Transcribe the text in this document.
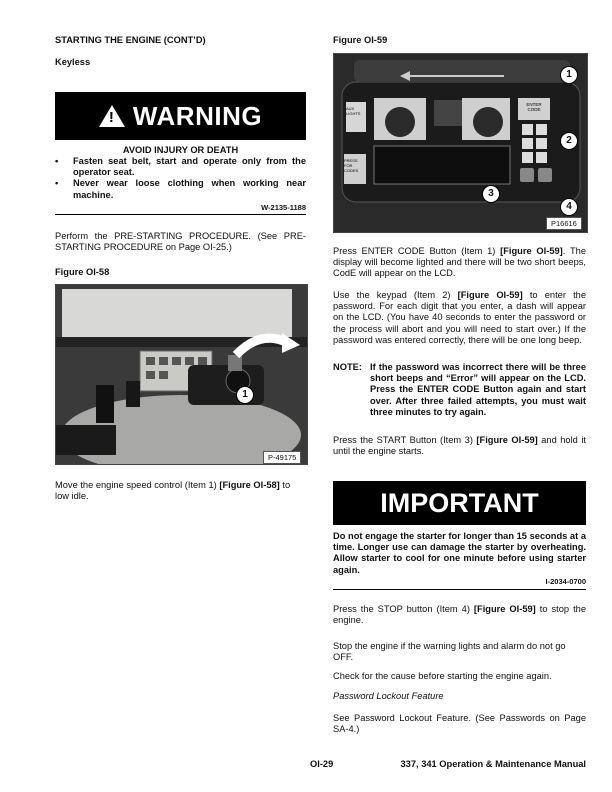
STARTING THE ENGINE (CONT’D)
Keyless
! WARNING
AVOID INJURY OR DEATH
• Fasten seat belt, start and operate only from the operator seat.
• Never wear loose clothing when working near machine.
W-2135-1188

Perform the PRE-STARTING PROCEDURE. (See PRE-STARTING PROCEDURE on Page OI-25.)

Figure OI-58
1
P-49175

Move the engine speed control (Item 1) [Figure OI-58] to low idle.

Figure OI-59
ENTER CODE
AUX LIGHTS
PRESS FOR CODES
1
2
3
4
P16616

Press ENTER CODE Button (Item 1) [Figure OI-59]. The display will become lighted and there will be two short beeps, CodE will appear on the LCD.

Use the keypad (Item 2) [Figure OI-59] to enter the password. For each digit that you enter, a dash will appear on the LCD. (You have 40 seconds to enter the password or the process will abort and you will need to start over.) If the password was entered correctly, there will be one long beep.

NOTE: If the password was incorrect there will be three short beeps and “Error” will appear on the LCD. Press the ENTER CODE Button again and start over. After three failed attempts, you must wait three minutes to try again.

Press the START Button (Item 3) [Figure OI-59] and hold it until the engine starts.

IMPORTANT

Do not engage the starter for longer than 15 seconds at a time. Longer use can damage the starter by overheating. Allow starter to cool for one minute before using starter again.

I-2034-0700

Press the STOP button (Item 4) [Figure OI-59] to stop the engine.

Stop the engine if the warning lights and alarm do not go OFF.

Check for the cause before starting the engine again.

Password Lockout Feature

See Password Lockout Feature. (See Passwords on Page SA-4.)

OI-29	337, 341 Operation & Maintenance Manual
